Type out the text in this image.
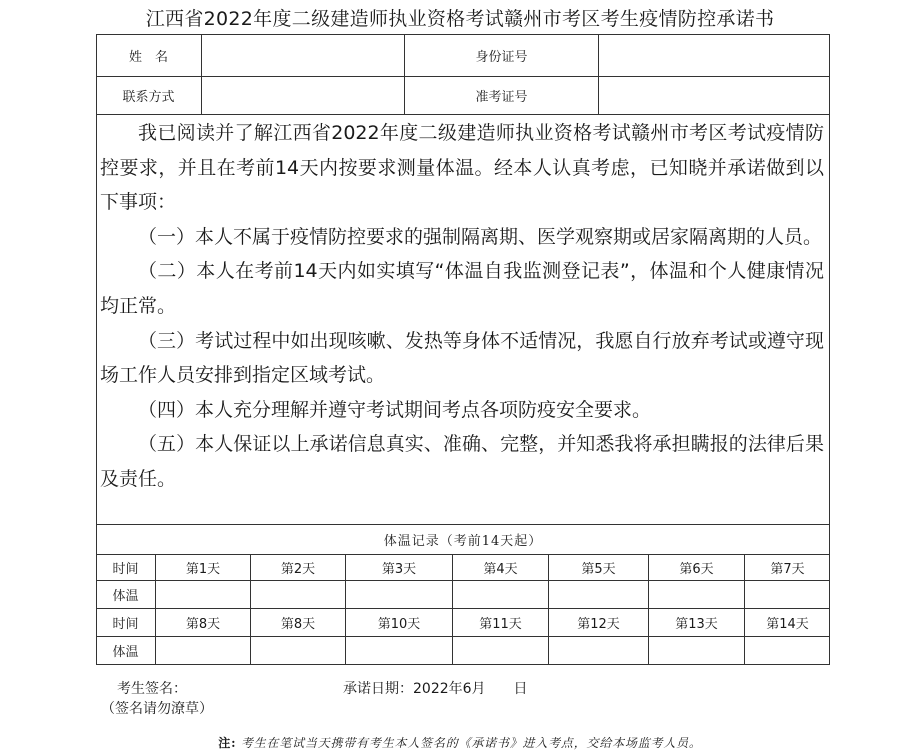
江西省2022年度二级建造师执业资格考试赣州市考区考生疫情防控承诺书
姓　名	身份证号
联系方式	准考证号

我已阅读并了解江西省2022年度二级建造师执业资格考试赣州市考区考试疫情防控要求，并且在考前14天内按要求测量体温。经本人认真考虑，已知晓并承诺做到以下事项：

（一）本人不属于疫情防控要求的强制隔离期、医学观察期或居家隔离期的人员。

（二）本人在考前14天内如实填写“体温自我监测登记表”，体温和个人健康情况均正常。

（三）考试过程中如出现咳嗽、发热等身体不适情况，我愿自行放弃考试或遵守现场工作人员安排到指定区域考试。

（四）本人充分理解并遵守考试期间考点各项防疫安全要求。

（五）本人保证以上承诺信息真实、准确、完整，并知悉我将承担瞒报的法律后果及责任。

体温记录（考前14天起）
时间	第1天	第2天	第3天	第4天	第5天	第6天	第7天
体温
时间	第8天	第8天	第10天	第11天	第12天	第13天	第14天
体温
考生签名：
（签名请勿潦草）
承诺日期：2022年6月　　日
注: 考生在笔试当天携带有考生本人签名的《承诺书》进入考点，交给本场监考人员。
